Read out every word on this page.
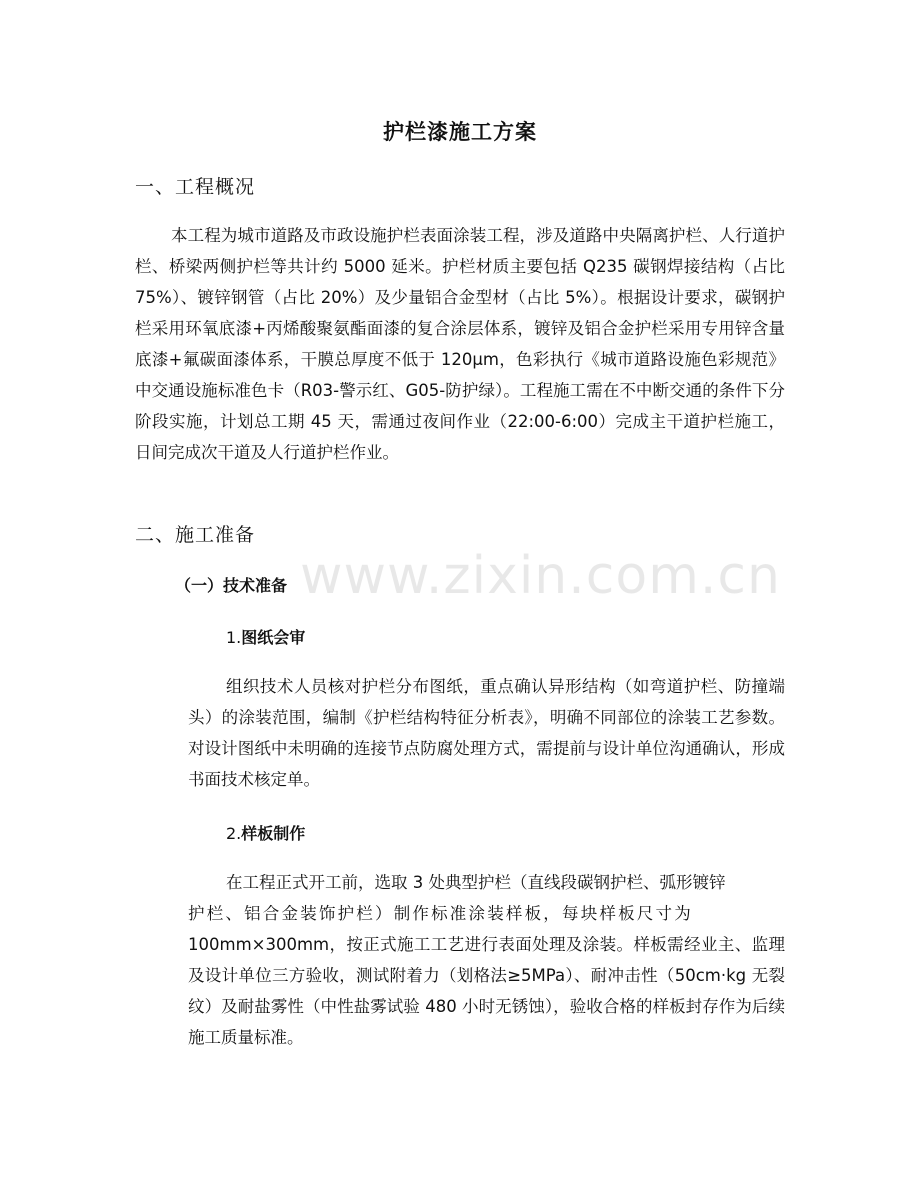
www.zixin.com.cn
护栏漆施工方案
一、工程概况
本工程为城市道路及市政设施护栏表面涂装工程，涉及道路中央隔离护栏、人行道护栏、桥梁两侧护栏等共计约 5000 延米。护栏材质主要包括 Q235 碳钢焊接结构（占比 75%）、镀锌钢管（占比 20%）及少量铝合金型材（占比 5%）。根据设计要求，碳钢护栏采用环氧底漆+丙烯酸聚氨酯面漆的复合涂层体系，镀锌及铝合金护栏采用专用锌含量底漆+氟碳面漆体系，干膜总厚度不低于 120μm，色彩执行《城市道路设施色彩规范》中交通设施标准色卡（R03-警示红、G05-防护绿）。工程施工需在不中断交通的条件下分阶段实施，计划总工期 45 天，需通过夜间作业（22:00-6:00）完成主干道护栏施工，日间完成次干道及人行道护栏作业。
二、施工准备
（一）技术准备
1.图纸会审
组织技术人员核对护栏分布图纸，重点确认异形结构（如弯道护栏、防撞端头）的涂装范围，编制《护栏结构特征分析表》，明确不同部位的涂装工艺参数。对设计图纸中未明确的连接节点防腐处理方式，需提前与设计单位沟通确认，形成书面技术核定单。
2.样板制作
在工程正式开工前，选取 3 处典型护栏（直线段碳钢护栏、弧形镀锌
护栏、铝合金装饰护栏）制作标准涂装样板，每块样板尺寸为
100mm×300mm，按正式施工工艺进行表面处理及涂装。样板需经业主、监理及设计单位三方验收，测试附着力（划格法≥5MPa）、耐冲击性（50cm·kg 无裂纹）及耐盐雾性（中性盐雾试验 480 小时无锈蚀），验收合格的样板封存作为后续施工质量标准。
